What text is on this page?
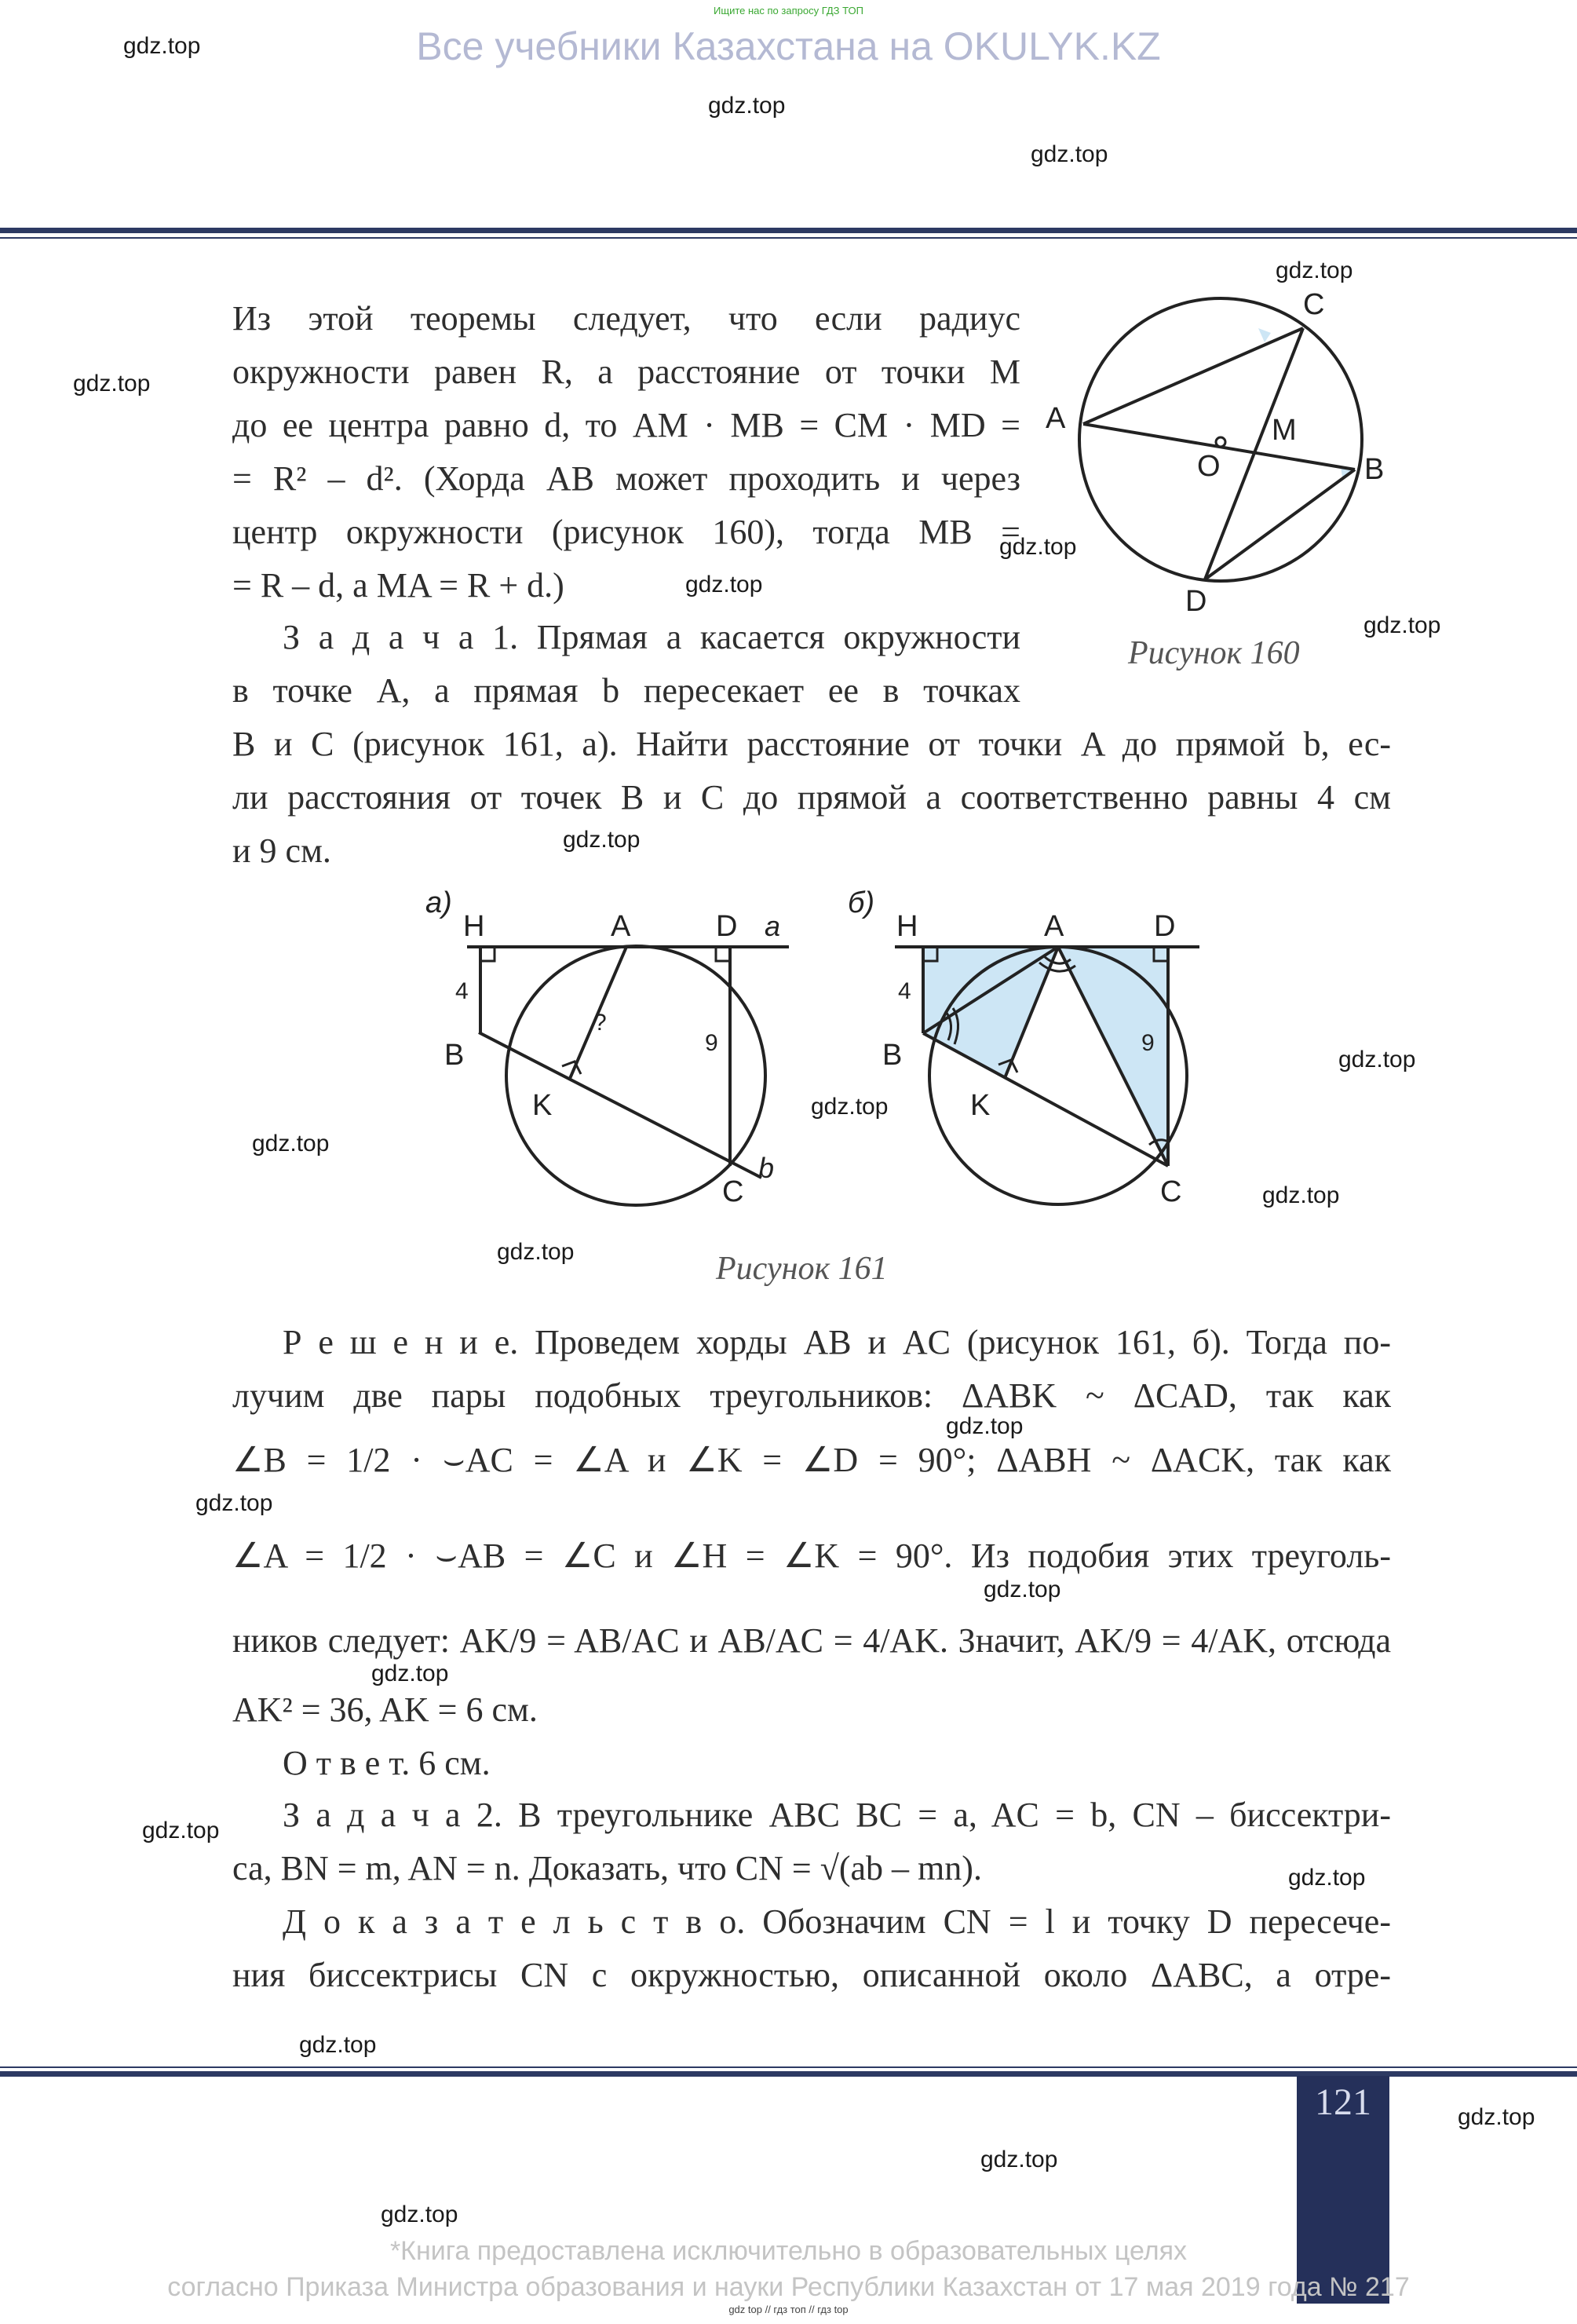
Ищите нас по запросу ГДЗ ТОП
Все учебники Казахстана на OKULYK.KZ
gdz.top
gdz.top
gdz.top
gdz.top
gdz.top
gdz.top
gdz.top
gdz.top
gdz.top
gdz.top
gdz.top
gdz.top
gdz.top
gdz.top
gdz.top
gdz.top
gdz.top
gdz.top
gdz.top
gdz.top
gdz.top
gdz.top
gdz.top
gdz.top
Из этой теоремы следует, что если радиус
окружности равен R, а расстояние от точки M
до ее центра равно d, то AM · MB = CM · MD =
= R² – d². (Хорда AB может проходить и через
центр окружности (рисунок 160), тогда MB =
= R – d, а MA = R + d.)
З а д а ч а 1. Прямая a касается окружности
в точке A, а прямая b пересекает ее в точках
B и C (рисунок 161, а). Найти расстояние от точки A до прямой b, ес-
ли расстояния от точек B и C до прямой a соответственно равны 4 см
и 9 см.
A
B
C
D
M
O
Рисунок 160
а)
H	A	D a
B
K
C
b
4
9
?
б)
H	A	D
B
K
C
4
9
Рисунок 161
Р е ш е н и е. Проведем хорды AB и AC (рисунок 161, б). Тогда по-
лучим две пары подобных треугольников: ΔABK ~ ΔCAD, так как
∠B = 1/2 · ⌣AC = ∠A и ∠K = ∠D = 90°; ΔABH ~ ΔACK, так как
∠A = 1/2 · ⌣AB = ∠C и ∠H = ∠K = 90°. Из подобия этих треуголь-
ников следует: AK/9 = AB/AC и AB/AC = 4/AK. Значит, AK/9 = 4/AK, отсюда
AK² = 36, AK = 6 см.
О т в е т. 6 см.
З а д а ч а 2. В треугольнике ABC BC = a, AC = b, CN – биссектри-
са, BN = m, AN = n. Доказать, что CN = √(ab – mn).
Д о к а з а т е л ь с т в о. Обозначим CN = l и точку D пересече-
ния биссектрисы CN с окружностью, описанной около ΔABC, а отре-
121
*Книга предоставлена исключительно в образовательных целях
согласно Приказа Министра образования и науки Республики Казахстан от 17 мая 2019 года № 217
gdz top // гдз топ // гдз top
